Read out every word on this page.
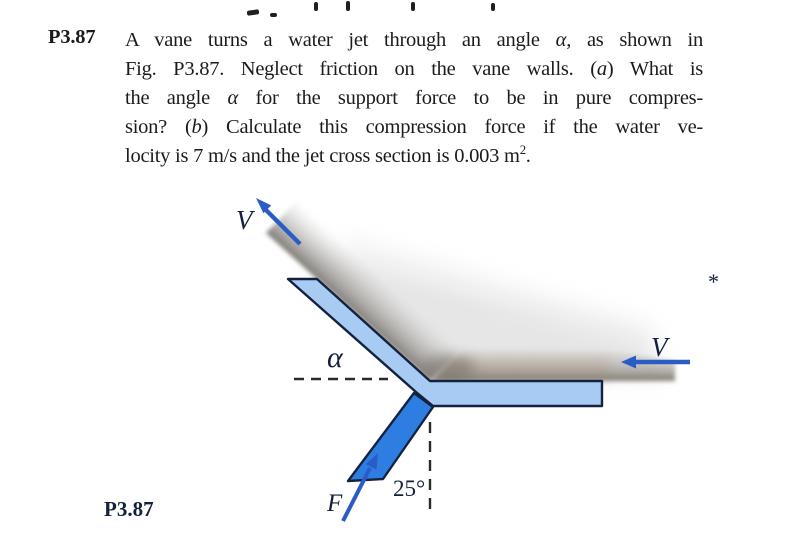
P3.87 A vane turns a water jet through an angle α, as shown in
Fig. P3.87. Neglect friction on the vane walls. (a) What is
the angle α for the support force to be in pure compres-
sion? (b) Calculate this compression force if the water ve-
locity is 7 m/s and the jet cross section is 0.003 $m^2$.
V
V
α
F
25°
P3.87
*
